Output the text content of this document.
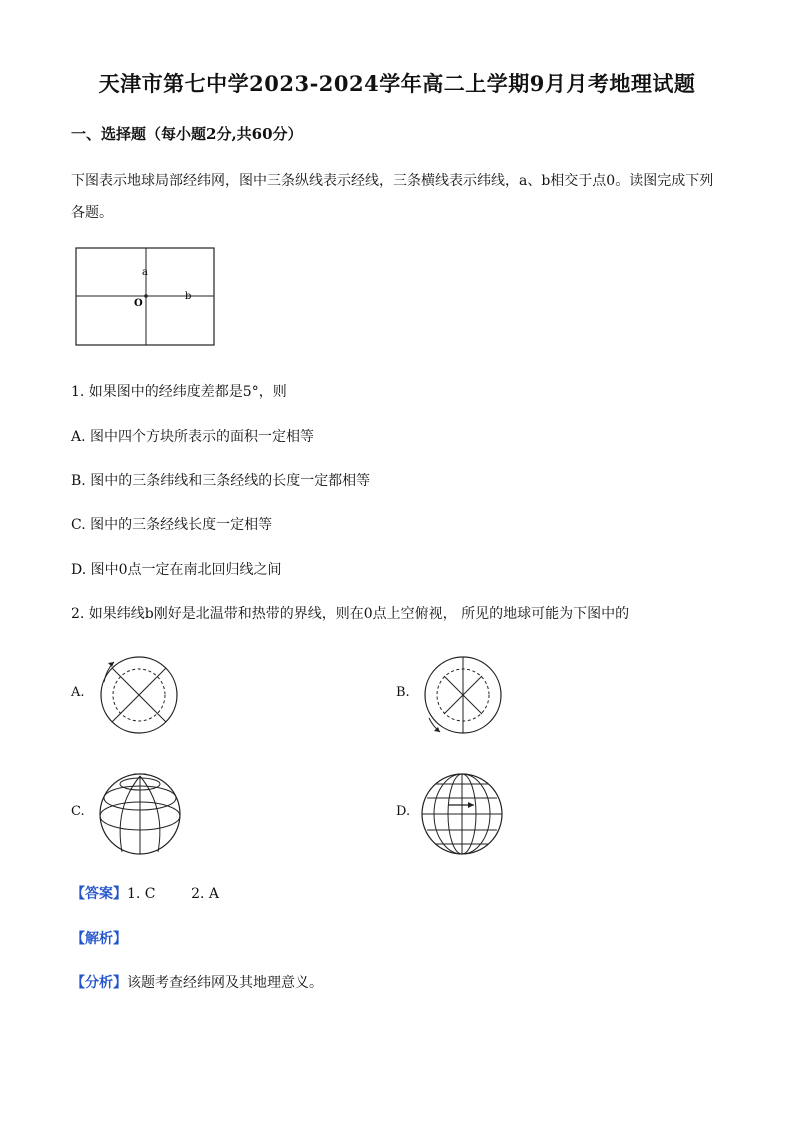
天津市第七中学2023-2024学年高二上学期9月月考地理试题
一、选择题（每小题2分,共60分）
下图表示地球局部经纬网，图中三条纵线表示经线，三条横线表示纬线，a、b相交于点0。读图完成下列
各题。
a
b
O
1. 如果图中的经纬度差都是5°，则
A. 图中四个方块所表示的面积一定相等
B. 图中的三条纬线和三条经线的长度一定都相等
C. 图中的三条经线长度一定相等
D. 图中0点一定在南北回归线之间
2. 如果纬线b刚好是北温带和热带的界线，则在0点上空俯视， 所见的地球可能为下图中的
A.	B.
C.	D.
【答案】1. C        2. A
【解析】
【分析】该题考查经纬网及其地理意义。
